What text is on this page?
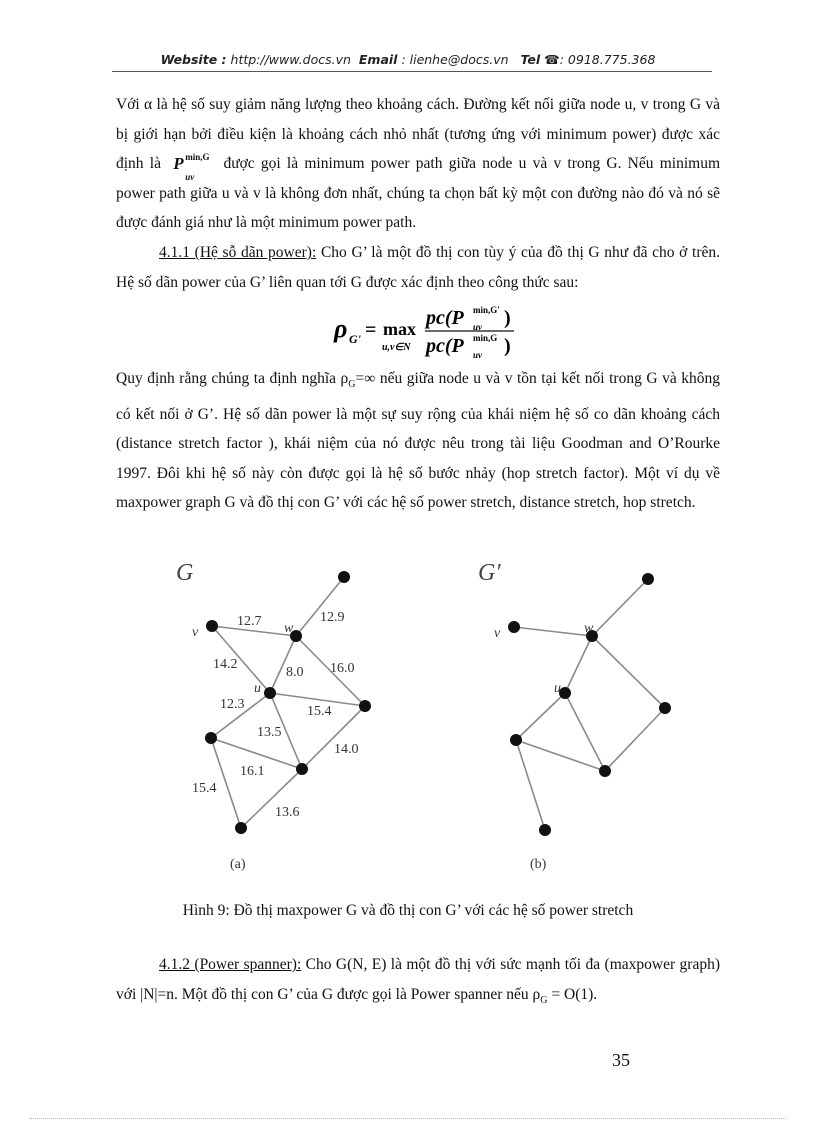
Website : http://www.docs.vn Email : lienhe@docs.vn Tel ☎: 0918.775.368
Với α là hệ số suy giảm năng lượng theo khoảng cách. Đường kết nối giữa node u, v trong G và bị giới hạn bởi điều kiện là khoảng cách nhỏ nhất (tương ứng với minimum power) được xác định là P min,G
uv
được gọi là minimum power path giữa node u và v trong G. Nếu minimum power path giữa u và v là không đơn nhất, chúng ta chọn bất kỳ một con đường nào đó và nó sẽ được đánh giá như là một minimum power path.
4.1.1 (Hệ sỗ dãn power): Cho G’ là một đồ thị con tùy ý của đồ thị G như đã cho ở trên. Hệ số dãn power của G’ liên quan tới G được xác định theo công thức sau:
ρ G' = max
u,v∈N
pc(P min,G'
uv )
pc(P min,G
uv )
Quy định rằng chúng ta định nghĩa $\rho_G=\infty$ nếu giữa node u và v tồn tại kết nối trong G và không có kết nối ở G’. Hệ số dãn power là một sự suy rộng của khái niệm hệ số co dãn khoảng cách (distance stretch factor ), khái niệm của nó được nêu trong tài liệu Goodman and O’Rourke 1997. Đôi khi hệ số này còn được gọi là hệ số bước nhảy (hop stretch factor). Một ví dụ về maxpower graph G và đồ thị con G’ với các hệ số power stretch, distance stretch, hop stretch.
G
v	w
u
12.7	12.9
14.2
8.0 16.0
12.3	15.4
13.5
14.0
16.1
15.4
13.6
(a)
G′
v	w
u
(b)
Hình 9: Đồ thị maxpower G và đồ thị con G’ với các hệ số power stretch
4.1.2 (Power spanner): Cho G(N, E) là một đồ thị với sức mạnh tối đa (maxpower graph) với |N|=n. Một đồ thị con G’ của G được gọi là Power spanner nếu $\rho_G = O(1)$.
35
